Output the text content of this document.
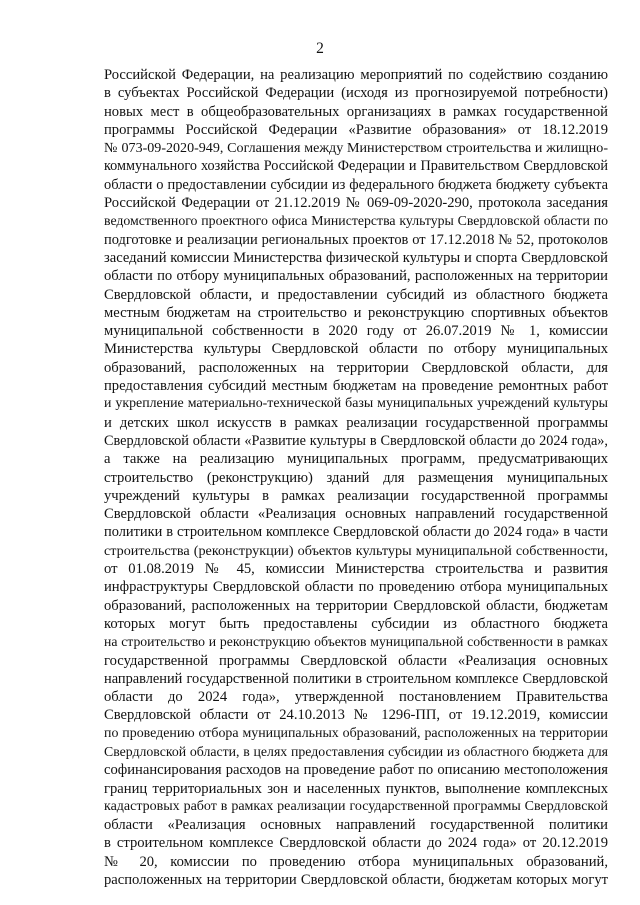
2
Российской Федерации, на реализацию мероприятий по содействию созданию
в субъектах Российской Федерации (исходя из прогнозируемой потребности)
новых мест в общеобразовательных организациях в рамках государственной
программы Российской Федерации «Развитие образования» от 18.12.2019
№ 073-09-2020-949, Соглашения между Министерством строительства и жилищно-
коммунального хозяйства Российской Федерации и Правительством Свердловской
области о предоставлении субсидии из федерального бюджета бюджету субъекта
Российской Федерации от 21.12.2019 № 069-09-2020-290, протокола заседания
ведомственного проектного офиса Министерства культуры Свердловской области по
подготовке и реализации региональных проектов от 17.12.2018 № 52, протоколов
заседаний комиссии Министерства физической культуры и спорта Свердловской
области по отбору муниципальных образований, расположенных на территории
Свердловской области, и предоставлении субсидий из областного бюджета
местным бюджетам на строительство и реконструкцию спортивных объектов
муниципальной собственности в 2020 году от 26.07.2019 № 1, комиссии
Министерства культуры Свердловской области по отбору муниципальных
образований, расположенных на территории Свердловской области, для
предоставления субсидий местным бюджетам на проведение ремонтных работ
и укрепление материально-технической базы муниципальных учреждений культуры
и детских школ искусств в рамках реализации государственной программы
Свердловской области «Развитие культуры в Свердловской области до 2024 года»,
а также на реализацию муниципальных программ, предусматривающих
строительство (реконструкцию) зданий для размещения муниципальных
учреждений культуры в рамках реализации государственной программы
Свердловской области «Реализация основных направлений государственной
политики в строительном комплексе Свердловской области до 2024 года» в части
строительства (реконструкции) объектов культуры муниципальной собственности,
от 01.08.2019 № 45, комиссии Министерства строительства и развития
инфраструктуры Свердловской области по проведению отбора муниципальных
образований, расположенных на территории Свердловской области, бюджетам
которых могут быть предоставлены субсидии из областного бюджета
на строительство и реконструкцию объектов муниципальной собственности в рамках
государственной программы Свердловской области «Реализация основных
направлений государственной политики в строительном комплексе Свердловской
области до 2024 года», утвержденной постановлением Правительства
Свердловской области от 24.10.2013 № 1296-ПП, от 19.12.2019, комиссии
по проведению отбора муниципальных образований, расположенных на территории
Свердловской области, в целях предоставления субсидии из областного бюджета для
софинансирования расходов на проведение работ по описанию местоположения
границ территориальных зон и населенных пунктов, выполнение комплексных
кадастровых работ в рамках реализации государственной программы Свердловской
области «Реализация основных направлений государственной политики
в строительном комплексе Свердловской области до 2024 года» от 20.12.2019
№ 20, комиссии по проведению отбора муниципальных образований,
расположенных на территории Свердловской области, бюджетам которых могут
